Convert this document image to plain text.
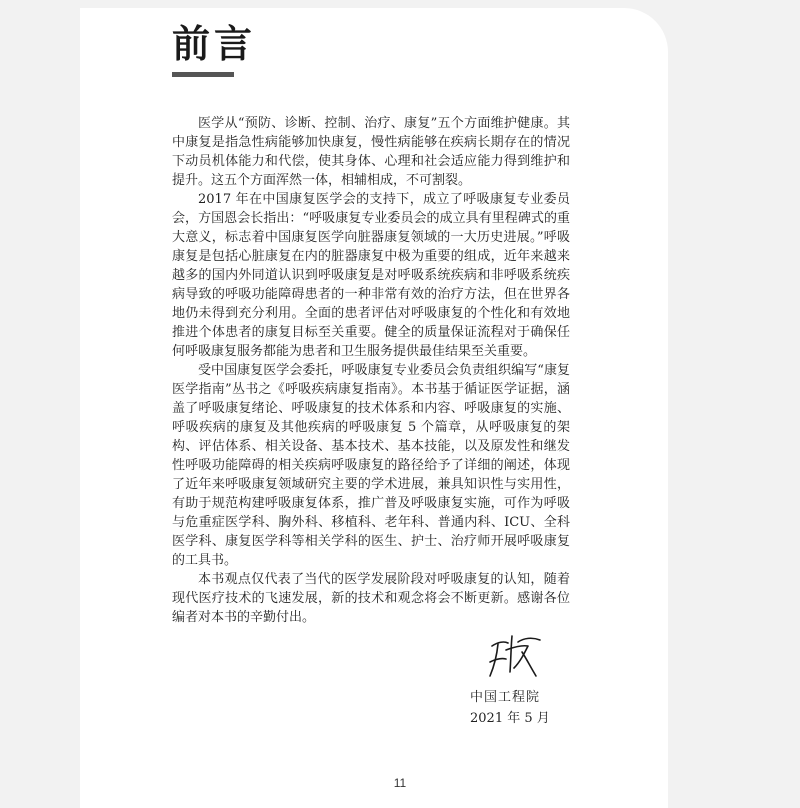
前言

医学从“预防、诊断、控制、治疗、康复”五个方面维护健康。其中康复是指急性病能够加快康复，慢性病能够在疾病长期存在的情况下动员机体能力和代偿，使其身体、心理和社会适应能力得到维护和提升。这五个方面浑然一体，相辅相成，不可割裂。

2017 年在中国康复医学会的支持下，成立了呼吸康复专业委员会，方国恩会长指出：“呼吸康复专业委员会的成立具有里程碑式的重大意义，标志着中国康复医学向脏器康复领域的一大历史进展。”呼吸康复是包括心脏康复在内的脏器康复中极为重要的组成，近年来越来越多的国内外同道认识到呼吸康复是对呼吸系统疾病和非呼吸系统疾病导致的呼吸功能障碍患者的一种非常有效的治疗方法，但在世界各地仍未得到充分利用。全面的患者评估对呼吸康复的个性化和有效地推进个体患者的康复目标至关重要。健全的质量保证流程对于确保任何呼吸康复服务都能为患者和卫生服务提供最佳结果至关重要。

受中国康复医学会委托，呼吸康复专业委员会负责组织编写“康复医学指南”丛书之《呼吸疾病康复指南》。本书基于循证医学证据，涵盖了呼吸康复绪论、呼吸康复的技术体系和内容、呼吸康复的实施、呼吸疾病的康复及其他疾病的呼吸康复 5 个篇章，从呼吸康复的架构、评估体系、相关设备、基本技术、基本技能，以及原发性和继发性呼吸功能障碍的相关疾病呼吸康复的路径给予了详细的阐述，体现了近年来呼吸康复领域研究主要的学术进展，兼具知识性与实用性，有助于规范构建呼吸康复体系，推广普及呼吸康复实施，可作为呼吸与危重症医学科、胸外科、移植科、老年科、普通内科、ICU、全科医学科、康复医学科等相关学科的医生、护士、治疗师开展呼吸康复的工具书。

本书观点仅代表了当代的医学发展阶段对呼吸康复的认知，随着现代医疗技术的飞速发展，新的技术和观念将会不断更新。感谢各位编者对本书的辛勤付出。

中国工程院
2021 年 5 月
11
